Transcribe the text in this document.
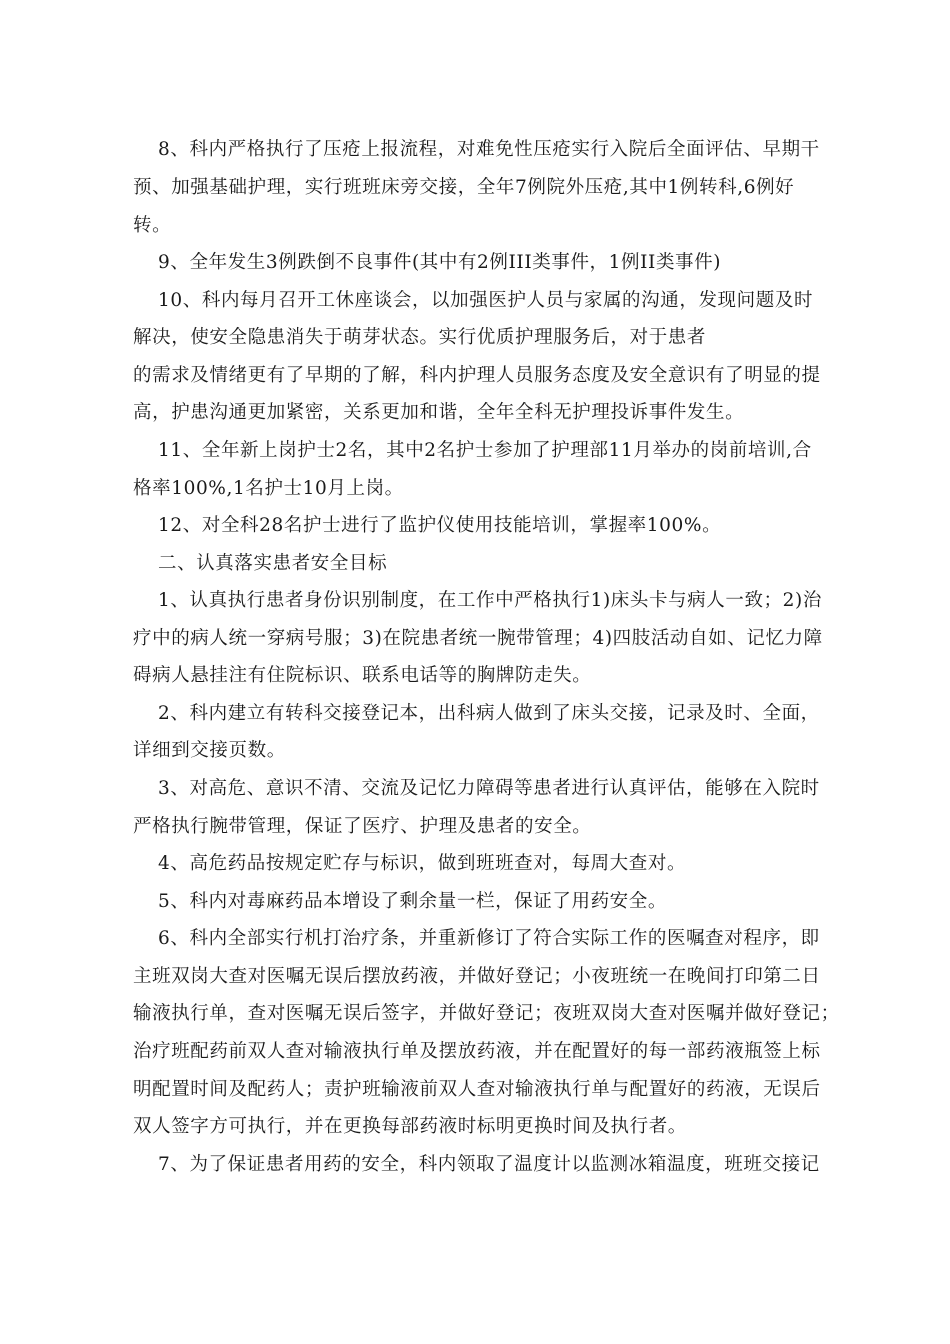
8、科内严格执行了压疮上报流程，对难免性压疮实行入院后全面评估、早期干
预、加强基础护理，实行班班床旁交接，全年7例院外压疮,其中1例转科,6例好
转。
9、全年发生3例跌倒不良事件(其中有2例III类事件，1例II类事件)
10、科内每月召开工休座谈会，以加强医护人员与家属的沟通，发现问题及时
解决，使安全隐患消失于萌芽状态。实行优质护理服务后，对于患者
的需求及情绪更有了早期的了解，科内护理人员服务态度及安全意识有了明显的提
高，护患沟通更加紧密，关系更加和谐，全年全科无护理投诉事件发生。
11、全年新上岗护士2名，其中2名护士参加了护理部11月举办的岗前培训,合
格率100%,1名护士10月上岗。
12、对全科28名护士进行了监护仪使用技能培训，掌握率100%。
二、认真落实患者安全目标
1、认真执行患者身份识别制度，在工作中严格执行1)床头卡与病人一致；2)治
疗中的病人统一穿病号服；3)在院患者统一腕带管理；4)四肢活动自如、记忆力障
碍病人悬挂注有住院标识、联系电话等的胸牌防走失。
2、科内建立有转科交接登记本，出科病人做到了床头交接，记录及时、全面，
详细到交接页数。
3、对高危、意识不清、交流及记忆力障碍等患者进行认真评估，能够在入院时
严格执行腕带管理，保证了医疗、护理及患者的安全。
4、高危药品按规定贮存与标识，做到班班查对，每周大查对。
5、科内对毒麻药品本增设了剩余量一栏，保证了用药安全。
6、科内全部实行机打治疗条，并重新修订了符合实际工作的医嘱查对程序，即
主班双岗大查对医嘱无误后摆放药液，并做好登记；小夜班统一在晚间打印第二日
输液执行单，查对医嘱无误后签字，并做好登记；夜班双岗大查对医嘱并做好登记；
治疗班配药前双人查对输液执行单及摆放药液，并在配置好的每一部药液瓶签上标
明配置时间及配药人；责护班输液前双人查对输液执行单与配置好的药液，无误后
双人签字方可执行，并在更换每部药液时标明更换时间及执行者。
7、为了保证患者用药的安全，科内领取了温度计以监测冰箱温度，班班交接记
